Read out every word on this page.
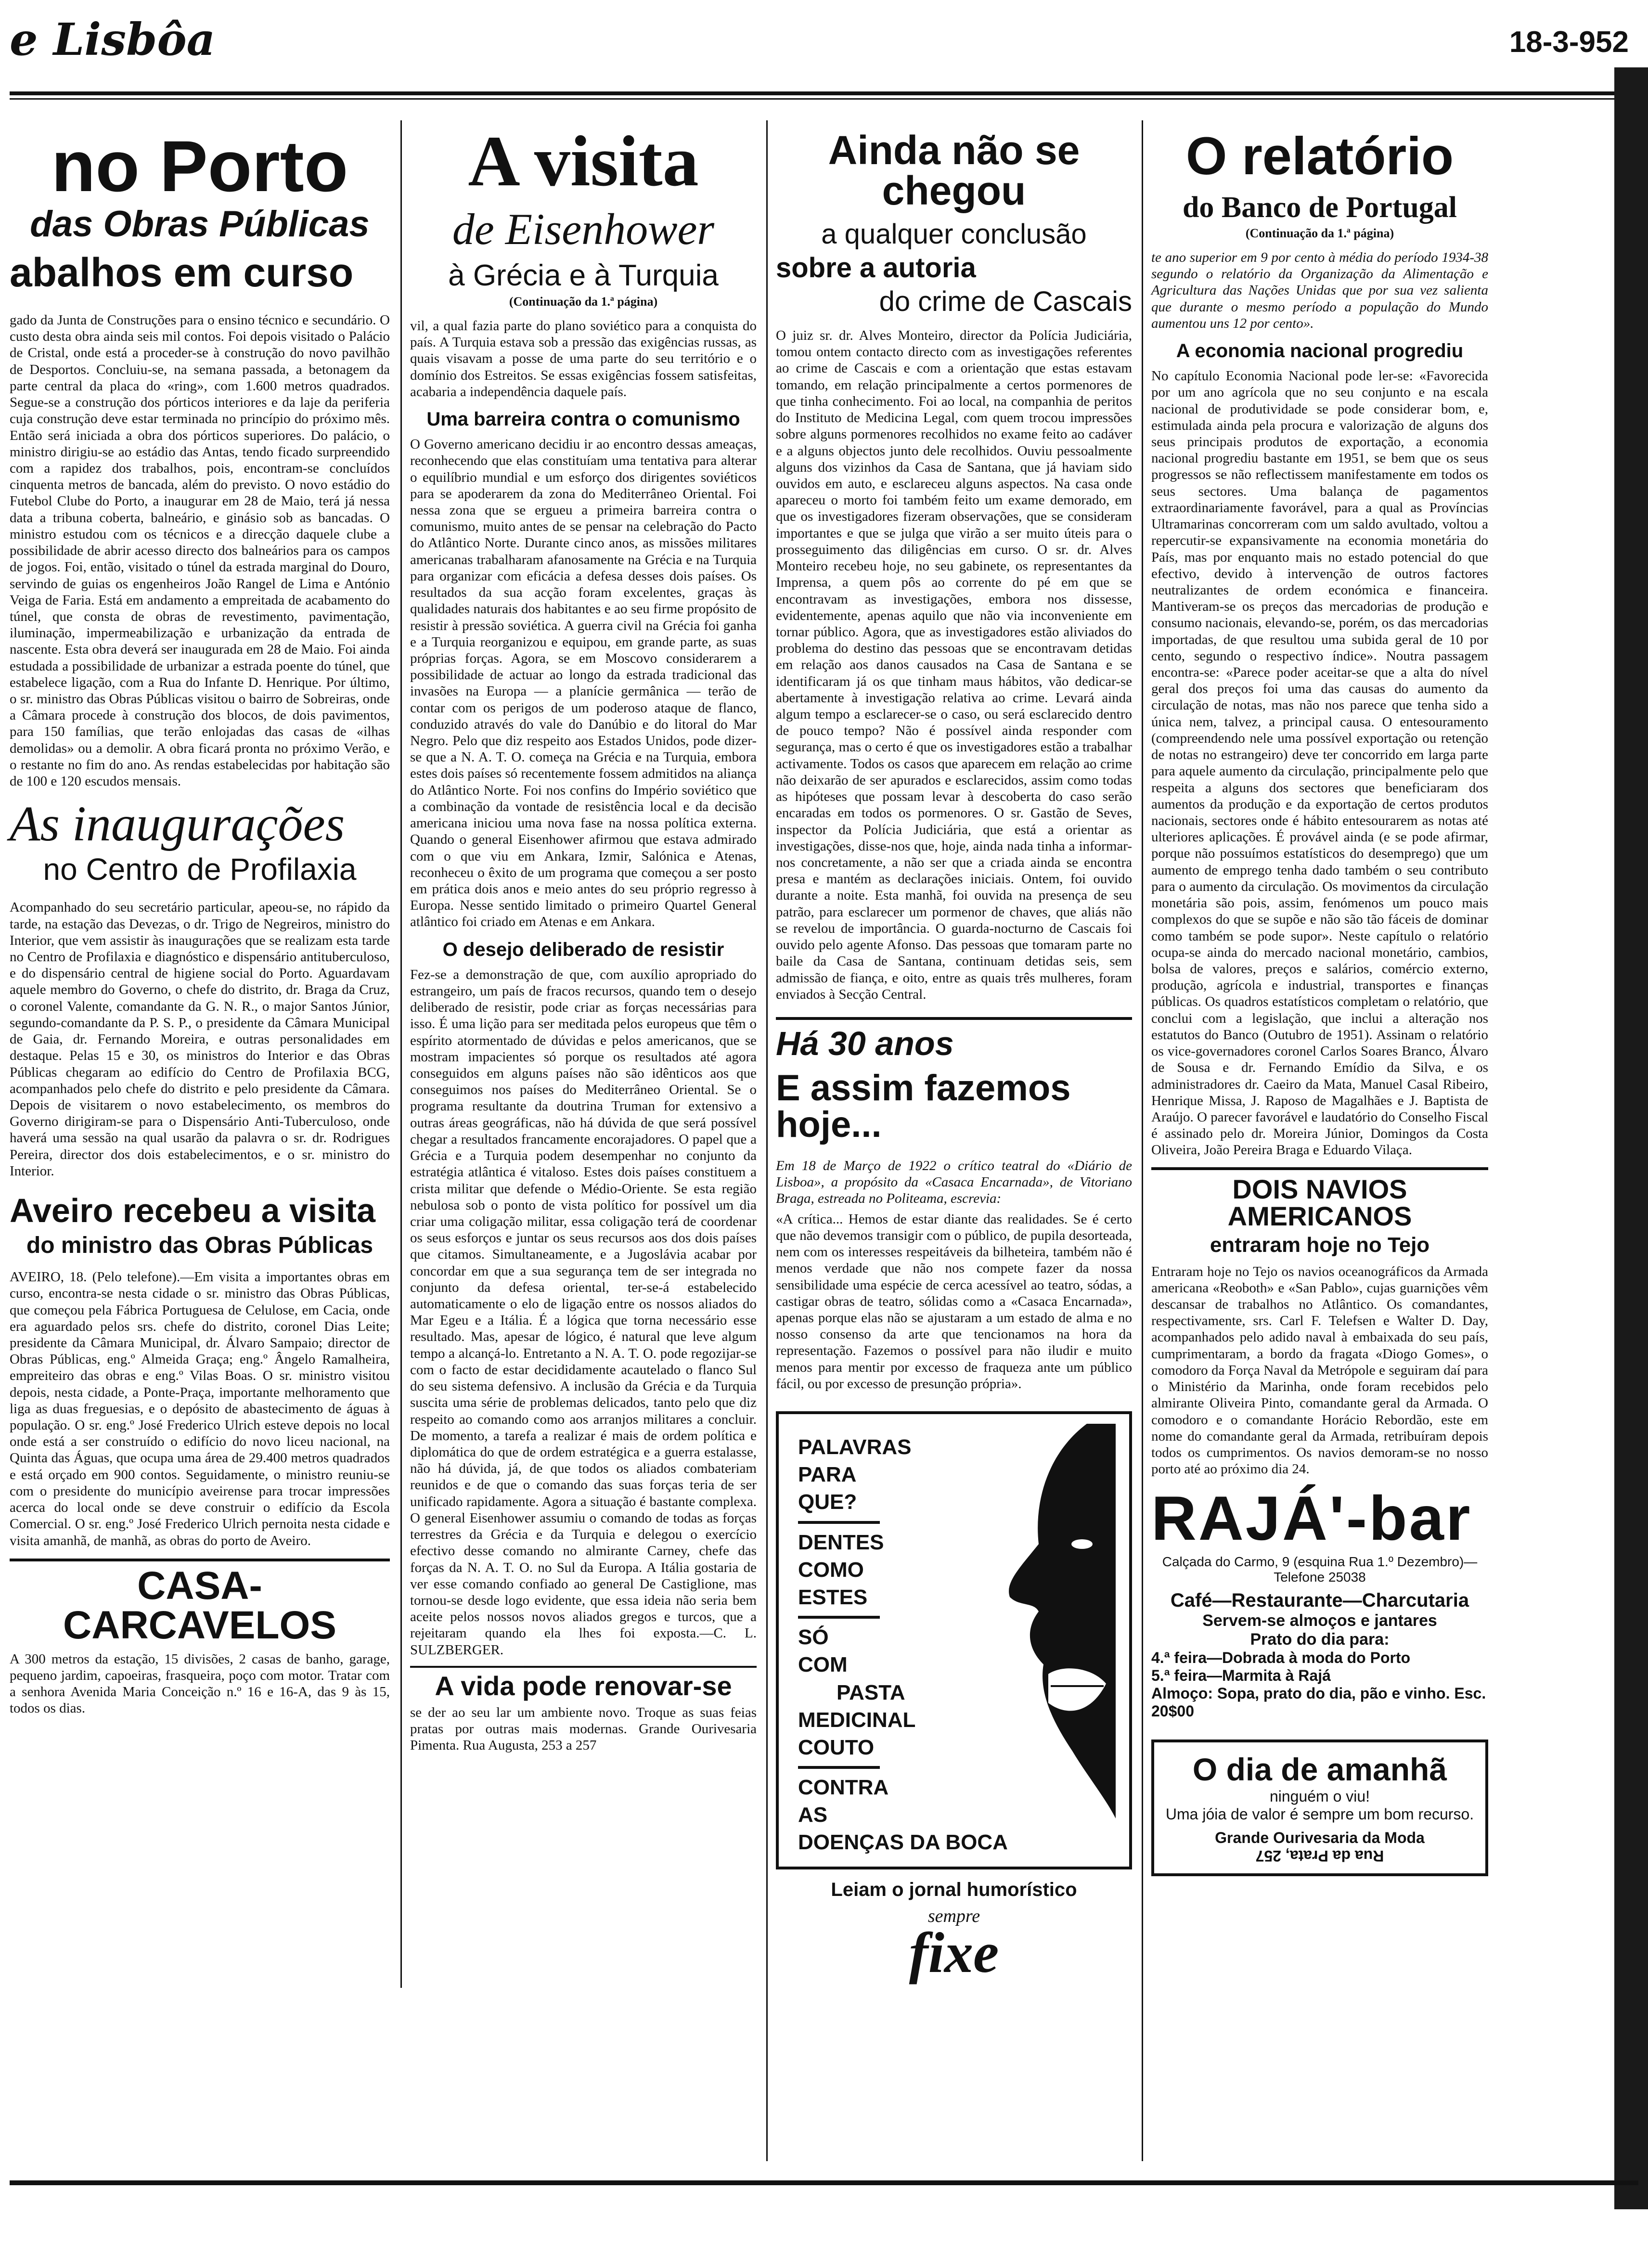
e Lisbôa	18-3-952
no Porto
das Obras Públicas
abalhos em curso

gado da Junta de Construções para o ensino técnico e secundário. O custo desta obra ainda seis mil contos. Foi depois visitado o Palácio de Cristal, onde está a proceder-se à construção do novo pavilhão de Desportos. Concluiu-se, na semana passada, a betonagem da parte central da placa do «ring», com 1.600 metros quadrados. Segue-se a construção dos pórticos interiores e da laje da periferia cuja construção deve estar terminada no princípio do próximo mês. Então será iniciada a obra dos pórticos superiores. Do palácio, o ministro dirigiu-se ao estádio das Antas, tendo ficado surpreendido com a rapidez dos trabalhos, pois, encontram-se concluídos cinquenta metros de bancada, além do previsto. O novo estádio do Futebol Clube do Porto, a inaugurar em 28 de Maio, terá já nessa data a tribuna coberta, balneário, e ginásio sob as bancadas. O ministro estudou com os técnicos e a direcção daquele clube a possibilidade de abrir acesso directo dos balneários para os campos de jogos. Foi, então, visitado o túnel da estrada marginal do Douro, servindo de guias os engenheiros João Rangel de Lima e António Veiga de Faria. Está em andamento a empreitada de acabamento do túnel, que consta de obras de revestimento, pavimentação, iluminação, impermeabilização e urbanização da entrada de nascente. Esta obra deverá ser inaugurada em 28 de Maio. Foi ainda estudada a possibilidade de urbanizar a estrada poente do túnel, que estabelece ligação, com a Rua do Infante D. Henrique. Por último, o sr. ministro das Obras Públicas visitou o bairro de Sobreiras, onde a Câmara procede à construção dos blocos, de dois pavimentos, para 150 famílias, que terão enlojadas das casas de «ilhas demolidas» ou a demolir. A obra ficará pronta no próximo Verão, e o restante no fim do ano. As rendas estabelecidas por habitação são de 100 e 120 escudos mensais.

As inaugurações
no Centro de Profilaxia

Acompanhado do seu secretário particular, apeou-se, no rápido da tarde, na estação das Devezas, o dr. Trigo de Negreiros, ministro do Interior, que vem assistir às inaugurações que se realizam esta tarde no Centro de Profilaxia e diagnóstico e dispensário antituberculoso, e do dispensário central de higiene social do Porto. Aguardavam aquele membro do Governo, o chefe do distrito, dr. Braga da Cruz, o coronel Valente, comandante da G. N. R., o major Santos Júnior, segundo-comandante da P. S. P., o presidente da Câmara Municipal de Gaia, dr. Fernando Moreira, e outras personalidades em destaque. Pelas 15 e 30, os ministros do Interior e das Obras Públicas chegaram ao edifício do Centro de Profilaxia BCG, acompanhados pelo chefe do distrito e pelo presidente da Câmara. Depois de visitarem o novo estabelecimento, os membros do Governo dirigiram-se para o Dispensário Anti-Tuberculoso, onde haverá uma sessão na qual usarão da palavra o sr. dr. Rodrigues Pereira, director dos dois estabelecimentos, e o sr. ministro do Interior.

Aveiro recebeu a visita
do ministro das Obras Públicas

AVEIRO, 18. (Pelo telefone).—Em visita a importantes obras em curso, encontra-se nesta cidade o sr. ministro das Obras Públicas, que começou pela Fábrica Portuguesa de Celulose, em Cacia, onde era aguardado pelos srs. chefe do distrito, coronel Dias Leite; presidente da Câmara Municipal, dr. Álvaro Sampaio; director de Obras Públicas, eng.º Almeida Graça; eng.º Ângelo Ramalheira, empreiteiro das obras e eng.º Vilas Boas. O sr. ministro visitou depois, nesta cidade, a Ponte-Praça, importante melhoramento que liga as duas freguesias, e o depósito de abastecimento de águas à população. O sr. eng.º José Frederico Ulrich esteve depois no local onde está a ser construído o edifício do novo liceu nacional, na Quinta das Águas, que ocupa uma área de 29.400 metros quadrados e está orçado em 900 contos. Seguidamente, o ministro reuniu-se com o presidente do município aveirense para trocar impressões acerca do local onde se deve construir o edifício da Escola Comercial. O sr. eng.º José Frederico Ulrich pernoita nesta cidade e visita amanhã, de manhã, as obras do porto de Aveiro.

CASA-CARCAVELOS

A 300 metros da estação, 15 divisões, 2 casas de banho, garage, pequeno jardim, capoeiras, frasqueira, poço com motor. Tratar com a senhora Avenida Maria Conceição n.º 16 e 16-A, das 9 às 15, todos os dias.

A visita
de Eisenhower
à Grécia e à Turquia
(Continuação da 1.ª página)

vil, a qual fazia parte do plano soviético para a conquista do país. A Turquia estava sob a pressão das exigências russas, as quais visavam a posse de uma parte do seu território e o domínio dos Estreitos. Se essas exigências fossem satisfeitas, acabaria a independência daquele país.

Uma barreira contra o comunismo

O Governo americano decidiu ir ao encontro dessas ameaças, reconhecendo que elas constituíam uma tentativa para alterar o equilíbrio mundial e um esforço dos dirigentes soviéticos para se apoderarem da zona do Mediterrâneo Oriental. Foi nessa zona que se ergueu a primeira barreira contra o comunismo, muito antes de se pensar na celebração do Pacto do Atlântico Norte. Durante cinco anos, as missões militares americanas trabalharam afanosamente na Grécia e na Turquia para organizar com eficácia a defesa desses dois países. Os resultados da sua acção foram excelentes, graças às qualidades naturais dos habitantes e ao seu firme propósito de resistir à pressão soviética. A guerra civil na Grécia foi ganha e a Turquia reorganizou e equipou, em grande parte, as suas próprias forças. Agora, se em Moscovo considerarem a possibilidade de actuar ao longo da estrada tradicional das invasões na Europa — a planície germânica — terão de contar com os perigos de um poderoso ataque de flanco, conduzido através do vale do Danúbio e do litoral do Mar Negro. Pelo que diz respeito aos Estados Unidos, pode dizer-se que a N. A. T. O. começa na Grécia e na Turquia, embora estes dois países só recentemente fossem admitidos na aliança do Atlântico Norte. Foi nos confins do Império soviético que a combinação da vontade de resistência local e da decisão americana iniciou uma nova fase na nossa política externa. Quando o general Eisenhower afirmou que estava admirado com o que viu em Ankara, Izmir, Salónica e Atenas, reconheceu o êxito de um programa que começou a ser posto em prática dois anos e meio antes do seu próprio regresso à Europa. Nesse sentido limitado o primeiro Quartel General atlântico foi criado em Atenas e em Ankara.

O desejo deliberado de resistir

Fez-se a demonstração de que, com auxílio apropriado do estrangeiro, um país de fracos recursos, quando tem o desejo deliberado de resistir, pode criar as forças necessárias para isso. É uma lição para ser meditada pelos europeus que têm o espírito atormentado de dúvidas e pelos americanos, que se mostram impacientes só porque os resultados até agora conseguidos em alguns países não são idênticos aos que conseguimos nos países do Mediterrâneo Oriental. Se o programa resultante da doutrina Truman for extensivo a outras áreas geográficas, não há dúvida de que será possível chegar a resultados francamente encorajadores. O papel que a Grécia e a Turquia podem desempenhar no conjunto da estratégia atlântica é vitaloso. Estes dois países constituem a crista militar que defende o Médio-Oriente. Se esta região nebulosa sob o ponto de vista político for possível um dia criar uma coligação militar, essa coligação terá de coordenar os seus esforços e juntar os seus recursos aos dos dois países que citamos. Simultaneamente, e a Jugoslávia acabar por concordar em que a sua segurança tem de ser integrada no conjunto da defesa oriental, ter-se-á estabelecido automaticamente o elo de ligação entre os nossos aliados do Mar Egeu e a Itália. É a lógica que torna necessário esse resultado. Mas, apesar de lógico, é natural que leve algum tempo a alcançá-lo. Entretanto a N. A. T. O. pode regozijar-se com o facto de estar decididamente acautelado o flanco Sul do seu sistema defensivo. A inclusão da Grécia e da Turquia suscita uma série de problemas delicados, tanto pelo que diz respeito ao comando como aos arranjos militares a concluir. De momento, a tarefa a realizar é mais de ordem política e diplomática do que de ordem estratégica e a guerra estalasse, não há dúvida, já, de que todos os aliados combateriam reunidos e de que o comando das suas forças teria de ser unificado rapidamente. Agora a situação é bastante complexa. O general Eisenhower assumiu o comando de todas as forças terrestres da Grécia e da Turquia e delegou o exercício efectivo desse comando no almirante Carney, chefe das forças da N. A. T. O. no Sul da Europa. A Itália gostaria de ver esse comando confiado ao general De Castiglione, mas tornou-se desde logo evidente, que essa ideia não seria bem aceite pelos nossos novos aliados gregos e turcos, que a rejeitaram quando ela lhes foi exposta.—C. L. SULZBERGER.

A vida pode renovar-se

se der ao seu lar um ambiente novo. Troque as suas feias pratas por outras mais modernas. Grande Ourivesaria Pimenta. Rua Augusta, 253 a 257

Ainda não se chegou
a qualquer conclusão
sobre a autoria
do crime de Cascais

O juiz sr. dr. Alves Monteiro, director da Polícia Judiciária, tomou ontem contacto directo com as investigações referentes ao crime de Cascais e com a orientação que estas estavam tomando, em relação principalmente a certos pormenores de que tinha conhecimento. Foi ao local, na companhia de peritos do Instituto de Medicina Legal, com quem trocou impressões sobre alguns pormenores recolhidos no exame feito ao cadáver e a alguns objectos junto dele recolhidos. Ouviu pessoalmente alguns dos vizinhos da Casa de Santana, que já haviam sido ouvidos em auto, e esclareceu alguns aspectos. Na casa onde apareceu o morto foi também feito um exame demorado, em que os investigadores fizeram observações, que se consideram importantes e que se julga que virão a ser muito úteis para o prosseguimento das diligências em curso. O sr. dr. Alves Monteiro recebeu hoje, no seu gabinete, os representantes da Imprensa, a quem pôs ao corrente do pé em que se encontravam as investigações, embora nos dissesse, evidentemente, apenas aquilo que não via inconveniente em tornar público. Agora, que as investigadores estão aliviados do problema do destino das pessoas que se encontravam detidas em relação aos danos causados na Casa de Santana e se identificaram já os que tinham maus hábitos, vão dedicar-se abertamente à investigação relativa ao crime. Levará ainda algum tempo a esclarecer-se o caso, ou será esclarecido dentro de pouco tempo? Não é possível ainda responder com segurança, mas o certo é que os investigadores estão a trabalhar activamente. Todos os casos que aparecem em relação ao crime não deixarão de ser apurados e esclarecidos, assim como todas as hipóteses que possam levar à descoberta do caso serão encaradas em todos os pormenores. O sr. Gastão de Seves, inspector da Polícia Judiciária, que está a orientar as investigações, disse-nos que, hoje, ainda nada tinha a informar-nos concretamente, a não ser que a criada ainda se encontra presa e mantém as declarações iniciais. Ontem, foi ouvido durante a noite. Esta manhã, foi ouvida na presença de seu patrão, para esclarecer um pormenor de chaves, que aliás não se revelou de importância. O guarda-nocturno de Cascais foi ouvido pelo agente Afonso. Das pessoas que tomaram parte no baile da Casa de Santana, continuam detidas seis, sem admissão de fiança, e oito, entre as quais três mulheres, foram enviados à Secção Central.

Há 30 anos
E assim fazemos hoje...

Em 18 de Março de 1922 o crítico teatral do «Diário de Lisboa», a propósito da «Casaca Encarnada», de Vitoriano Braga, estreada no Politeama, escrevia:

«A crítica... Hemos de estar diante das realidades. Se é certo que não devemos transigir com o público, de pupila desorteada, nem com os interesses respeitáveis da bilheteira, também não é menos verdade que não nos compete fazer da nossa sensibilidade uma espécie de cerca acessível ao teatro, sódas, a castigar obras de teatro, sólidas como a «Casaca Encarnada», apenas porque elas não se ajustaram a um estado de alma e no nosso consenso da arte que tencionamos na hora da representação. Fazemos o possível para não iludir e muito menos para mentir por excesso de fraqueza ante um público fácil, ou por excesso de presunção própria».

PALAVRAS
PARA
QUE?
DENTES
COMO
ESTES
SÓ
COM
PASTA
MEDICINAL
COUTO
CONTRA
AS
DOENÇAS DA BOCA
Leiam o jornal humorístico
sempre
fixe
O relatório
do Banco de Portugal
(Continuação da 1.ª página)

te ano superior em 9 por cento à média do período 1934-38 segundo o relatório da Organização da Alimentação e Agricultura das Nações Unidas que por sua vez salienta que durante o mesmo período a população do Mundo aumentou uns 12 por cento».

A economia nacional progrediu

No capítulo Economia Nacional pode ler-se: «Favorecida por um ano agrícola que no seu conjunto e na escala nacional de produtividade se pode considerar bom, e, estimulada ainda pela procura e valorização de alguns dos seus principais produtos de exportação, a economia nacional progrediu bastante em 1951, se bem que os seus progressos se não reflectissem manifestamente em todos os seus sectores. Uma balança de pagamentos extraordinariamente favorável, para a qual as Províncias Ultramarinas concorreram com um saldo avultado, voltou a repercutir-se expansivamente na economia monetária do País, mas por enquanto mais no estado potencial do que efectivo, devido à intervenção de outros factores neutralizantes de ordem económica e financeira. Mantiveram-se os preços das mercadorias de produção e consumo nacionais, elevando-se, porém, os das mercadorias importadas, de que resultou uma subida geral de 10 por cento, segundo o respectivo índice». Noutra passagem encontra-se: «Parece poder aceitar-se que a alta do nível geral dos preços foi uma das causas do aumento da circulação de notas, mas não nos parece que tenha sido a única nem, talvez, a principal causa. O entesouramento (compreendendo nele uma possível exportação ou retenção de notas no estrangeiro) deve ter concorrido em larga parte para aquele aumento da circulação, principalmente pelo que respeita a alguns dos sectores que beneficiaram dos aumentos da produção e da exportação de certos produtos nacionais, sectores onde é hábito entesourarem as notas até ulteriores aplicações. É provável ainda (e se pode afirmar, porque não possuímos estatísticos do desemprego) que um aumento de emprego tenha dado também o seu contributo para o aumento da circulação. Os movimentos da circulação monetária são pois, assim, fenómenos um pouco mais complexos do que se supõe e não são tão fáceis de dominar como também se pode supor». Neste capítulo o relatório ocupa-se ainda do mercado nacional monetário, cambios, bolsa de valores, preços e salários, comércio externo, produção, agrícola e industrial, transportes e finanças públicas. Os quadros estatísticos completam o relatório, que conclui com a legislação, que inclui a alteração nos estatutos do Banco (Outubro de 1951). Assinam o relatório os vice-governadores coronel Carlos Soares Branco, Álvaro de Sousa e dr. Fernando Emídio da Silva, e os administradores dr. Caeiro da Mata, Manuel Casal Ribeiro, Henrique Missa, J. Raposo de Magalhães e J. Baptista de Araújo. O parecer favorável e laudatório do Conselho Fiscal é assinado pelo dr. Moreira Júnior, Domingos da Costa Oliveira, João Pereira Braga e Eduardo Vilaça.

DOIS NAVIOS AMERICANOS
entraram hoje no Tejo

Entraram hoje no Tejo os navios oceanográficos da Armada americana «Reoboth» e «San Pablo», cujas guarnições vêm descansar de trabalhos no Atlântico. Os comandantes, respectivamente, srs. Carl F. Telefsen e Walter D. Day, acompanhados pelo adido naval à embaixada do seu país, cumprimentaram, a bordo da fragata «Diogo Gomes», o comodoro da Força Naval da Metrópole e seguiram daí para o Ministério da Marinha, onde foram recebidos pelo almirante Oliveira Pinto, comandante geral da Armada. O comodoro e o comandante Horácio Rebordão, este em nome do comandante geral da Armada, retribuíram depois todos os cumprimentos. Os navios demoram-se no nosso porto até ao próximo dia 24.

RAJÁ'-bar
Calçada do Carmo, 9 (esquina Rua 1.º Dezembro)—Telefone 25038
Café—Restaurante—Charcutaria
Servem-se almoços e jantares
Prato do dia para:
4.ª feira—Dobrada à moda do Porto
5.ª feira—Marmita à Rajá
Almoço: Sopa, prato do dia, pão e vinho. Esc. 20$00
O dia de amanhã
ninguém o viu!
Uma jóia de valor é sempre um bom recurso.
Grande Ourivesaria da Moda
Rua da Prata, 257
